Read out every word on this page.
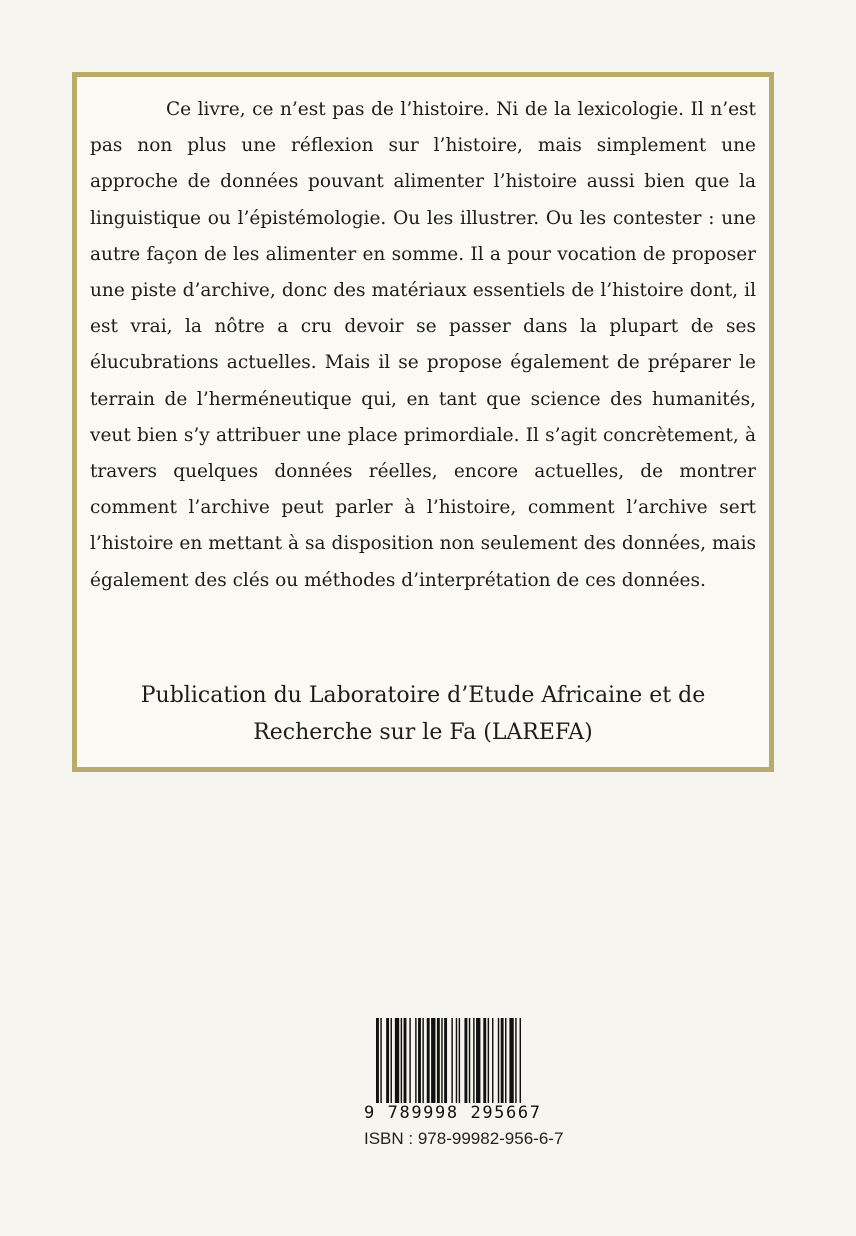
Ce livre, ce n’est pas de l’histoire. Ni de la lexicologie. Il n’est pas non plus une réflexion sur l’histoire, mais simplement une approche de données pouvant alimenter l’histoire aussi bien que la linguistique ou l’épistémologie. Ou les illustrer. Ou les contester : une autre façon de les alimenter en somme. Il a pour vocation de proposer une piste d’archive, donc des matériaux essentiels de l’histoire dont, il est vrai, la nôtre a cru devoir se passer dans la plupart de ses élucubrations actuelles. Mais il se propose également de préparer le terrain de l’herméneutique qui, en tant que science des humanités, veut bien s’y attribuer une place primordiale. Il s’agit concrètement, à travers quelques données réelles, encore actuelles, de montrer comment l’archive peut parler à l’histoire, comment l’archive sert l’histoire en mettant à sa disposition non seulement des données, mais également des clés ou méthodes d’interprétation de ces données.

Publication du Laboratoire d’Etude Africaine et de
Recherche sur le Fa (LAREFA)
9 789998 295667
ISBN : 978-99982-956-6-7
